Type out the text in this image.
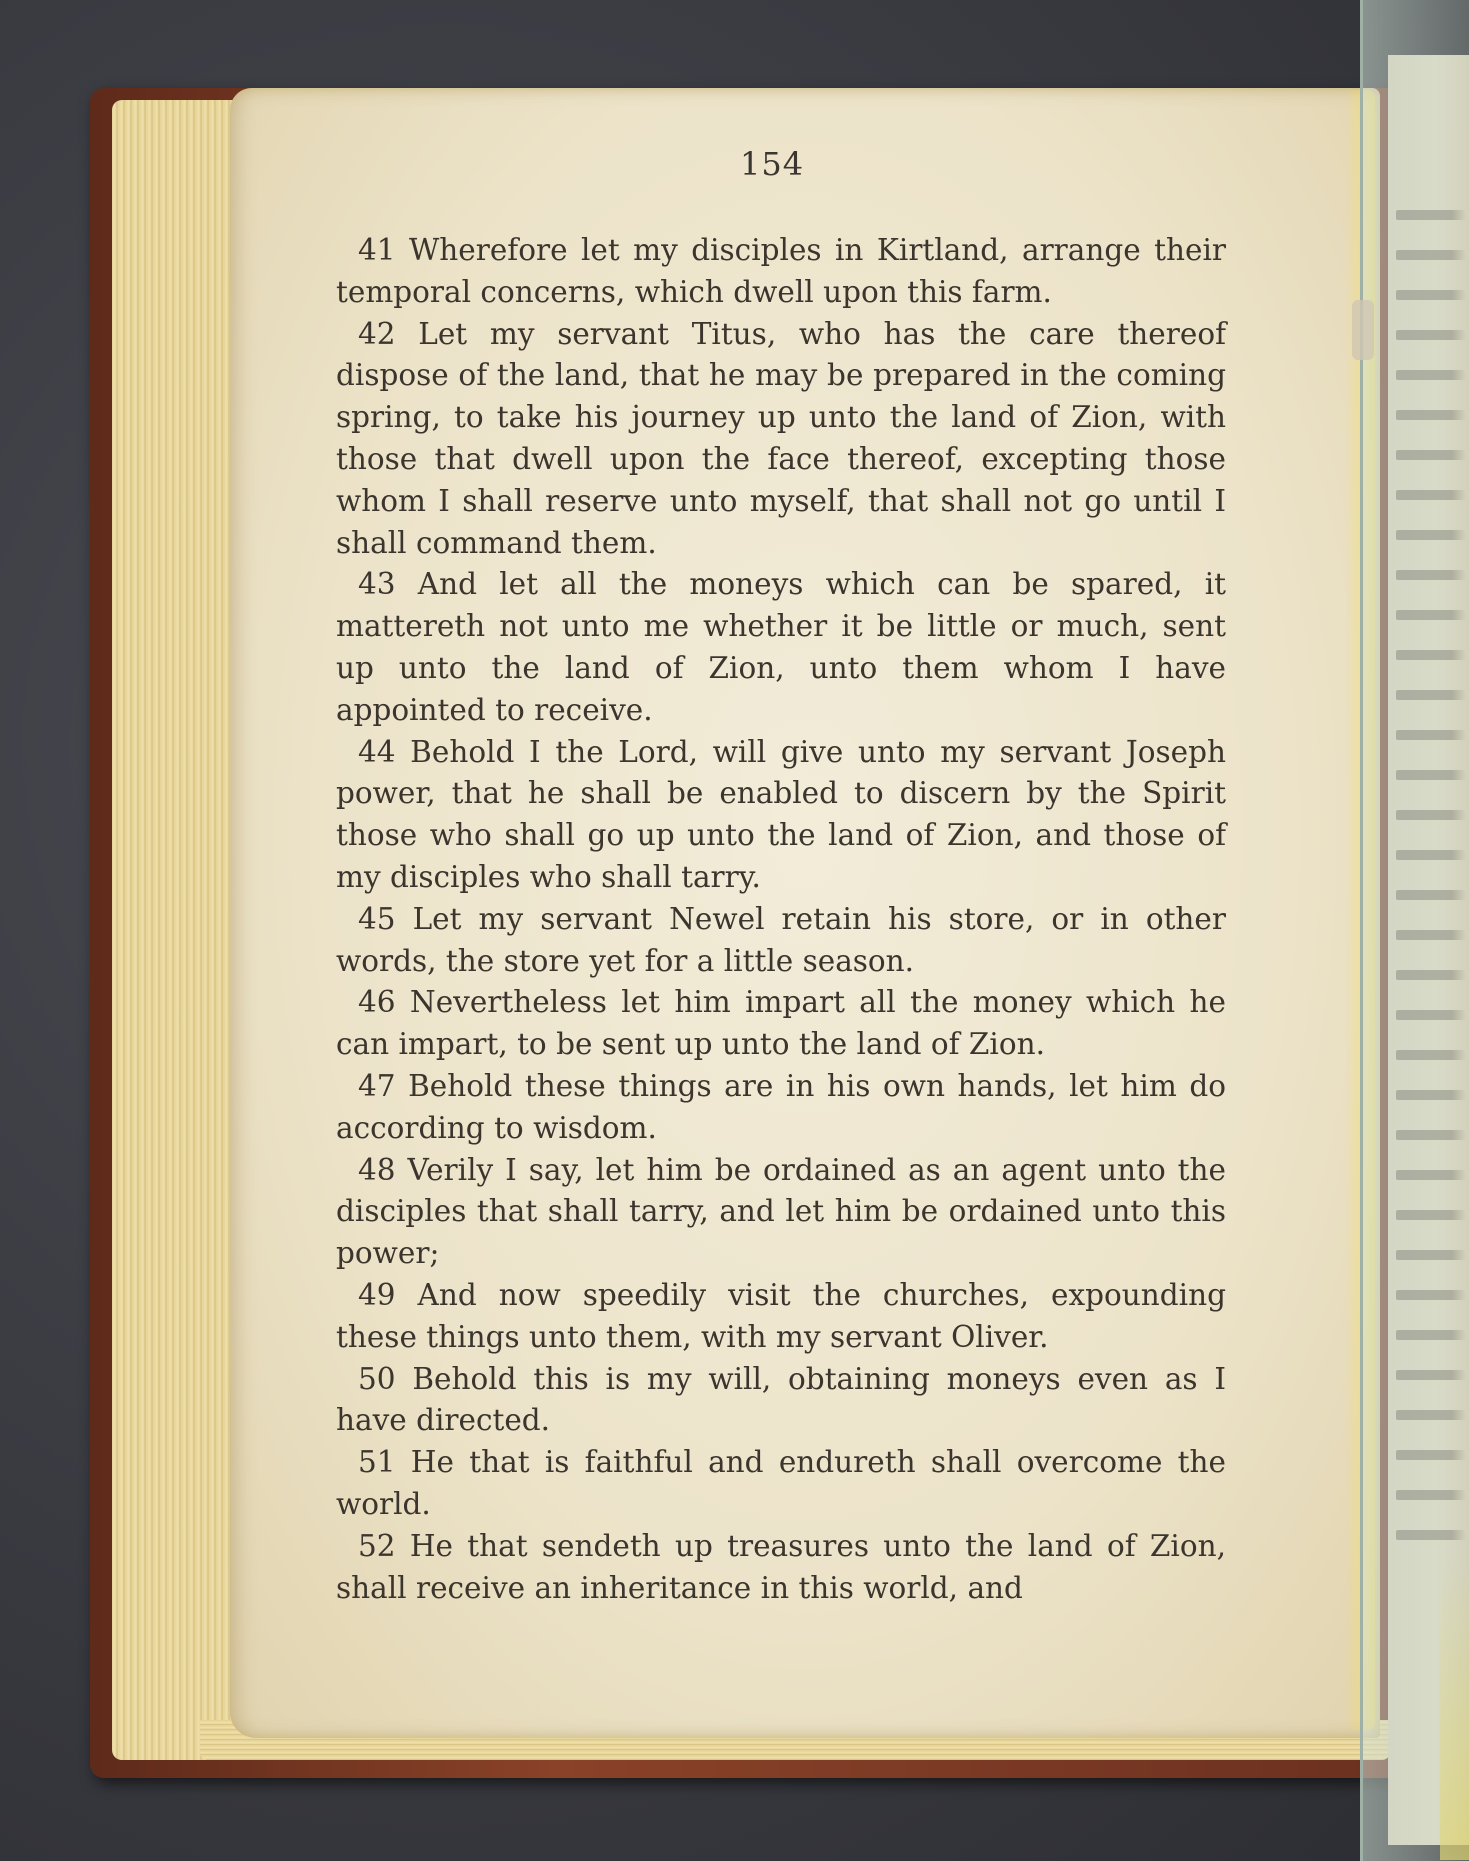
154

41 Wherefore let my disciples in Kirtland, arrange their temporal concerns, which dwell upon this farm.

42 Let my servant Titus, who has the care thereof dispose of the land, that he may be prepared in the coming spring, to take his journey up unto the land of Zion, with those that dwell upon the face thereof, excepting those whom I shall reserve unto myself, that shall not go until I shall command them.

43 And let all the moneys which can be spared, it mattereth not unto me whether it be little or much, sent up unto the land of Zion, unto them whom I have appointed to receive.

44 Behold I the Lord, will give unto my servant Joseph power, that he shall be enabled to discern by the Spirit those who shall go up unto the land of Zion, and those of my disciples who shall tarry.

45 Let my servant Newel retain his store, or in other words, the store yet for a little season.

46 Nevertheless let him impart all the money which he can impart, to be sent up unto the land of Zion.

47 Behold these things are in his own hands, let him do according to wisdom.

48 Verily I say, let him be ordained as an agent unto the disciples that shall tarry, and let him be ordained unto this power;

49 And now speedily visit the churches, expounding these things unto them, with my servant Oliver.

50 Behold this is my will, obtaining moneys even as I have directed.

51 He that is faithful and endureth shall overcome the world.

52 He that sendeth up treasures unto the land of Zion, shall receive an inheritance in this world, and
